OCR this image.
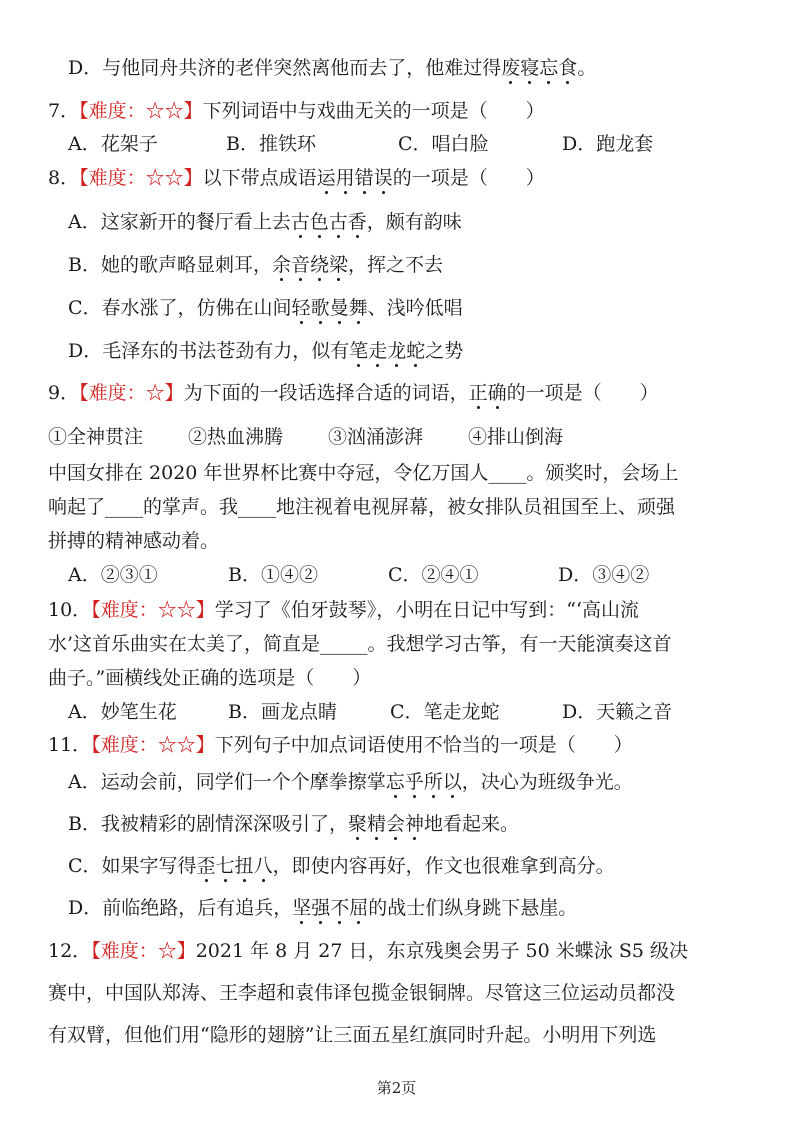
D．与他同舟共济的老伴突然离他而去了，他难过得废寝忘食。
7．【难度：☆☆】下列词语中与戏曲无关的一项是（　　）
A．花架子	B．推铁环	C．唱白脸	D．跑龙套
8．【难度：☆☆】以下带点成语运用错误的一项是（　　）
A．这家新开的餐厅看上去古色古香，颇有韵味
B．她的歌声略显刺耳，余音绕梁，挥之不去
C．春水涨了，仿佛在山间轻歌曼舞、浅吟低唱
D．毛泽东的书法苍劲有力，似有笔走龙蛇之势
9．【难度：☆】为下面的一段话选择合适的词语，正确的一项是（　　）
①全神贯注 ②热血沸腾 ③汹涌澎湃 ④排山倒海
中国女排在 2020 年世界杯比赛中夺冠，令亿万国人____。颁奖时，会场上
响起了____的掌声。我____地注视着电视屏幕，被女排队员祖国至上、顽强
拼搏的精神感动着。
A．②③①	B．①④②	C．②④①	D．③④②
10．【难度：☆☆】学习了《伯牙鼓琴》，小明在日记中写到：“‘高山流
水’这首乐曲实在太美了，简直是_____。我想学习古筝，有一天能演奏这首
曲子。”画横线处正确的选项是（　　）
A．妙笔生花	B．画龙点睛	C．笔走龙蛇	D．天籁之音
11．【难度：☆☆】下列句子中加点词语使用不恰当的一项是（　　）
A．运动会前，同学们一个个摩拳擦掌忘乎所以，决心为班级争光。
B．我被精彩的剧情深深吸引了，聚精会神地看起来。
C．如果字写得歪七扭八，即使内容再好，作文也很难拿到高分。
D．前临绝路，后有追兵，坚强不屈的战士们纵身跳下悬崖。
12．【难度：☆】2021 年 8 月 27 日，东京残奥会男子 50 米蝶泳 S5 级决
赛中，中国队郑涛、王李超和袁伟译包揽金银铜牌。尽管这三位运动员都没
有双臂，但他们用“隐形的翅膀”让三面五星红旗同时升起。小明用下列选
第2页
